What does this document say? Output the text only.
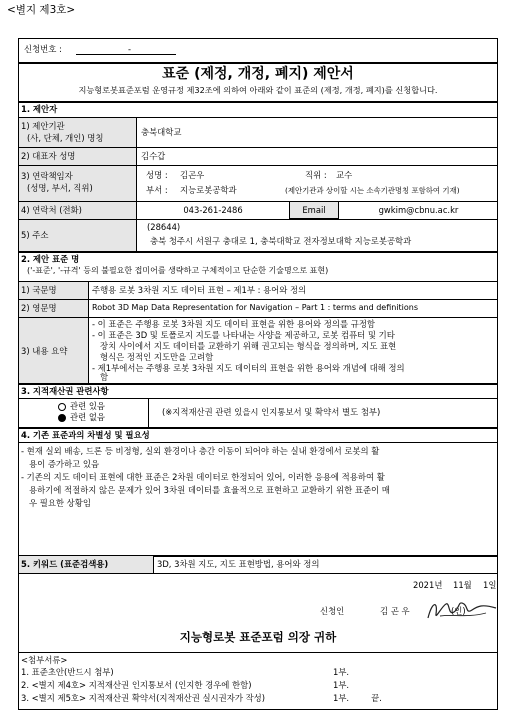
<별지 제3호>
신청번호 :	-
표준 (제정, 개정, 폐지) 제안서
지능형로봇표준포럼 운영규정 제32조에 의하여 아래와 같이 표준의 (제정, 개정, 폐지)를 신청합니다.
1. 제안자
1) 제안기관
(사, 단체, 개인) 명칭
충북대학교
2) 대표자 성명	김수갑
3) 연락책임자
(성명, 부서, 직위)
성명 : 김곤우	직위 : 교수
부서 : 지능로봇공학과	(제안기관과 상이할 시는 소속기관명칭 포함하여 기재)
4) 연락처 (전화)	043-261-2486	Email	gwkim@cbnu.ac.kr
5) 주소
(28644)
충북 청주시 서원구 충대로 1, 충북대학교 전자정보대학 지능로봇공학과
2. 제안 표준 명
('-표준', '-규격' 등의 불필요한 접미어를 생략하고 구체적이고 단순한 기술명으로 표현)
1) 국문명	주행용 로봇 3차원 지도 데이터 표현 – 제1부 : 용어와 정의
2) 영문명	Robot 3D Map Data Representation for Navigation – Part 1 : terms and definitions
3) 내용 요약
- 이 표준은 주행용 로봇 3차원 지도 데이터 표현을 위한 용어와 정의를 규정함
- 이 표준은 3D 및 토폴로지 지도를 나타내는 사양을 제공하고, 로봇 컴퓨터 및 기타
장치 사이에서 지도 데이터를 교환하기 위해 권고되는 형식을 정의하며, 지도 표현
형식은 정적인 지도만을 고려함
- 제1부에서는 주행용 로봇 3차원 지도 데이터의 표현을 위한 용어와 개념에 대해 정의
함
3. 지적재산권 관련사항
관련 있음
관련 없음	(※지적재산권 관련 있을시 인지통보서 및 확약서 별도 첨부)
4. 기존 표준과의 차별성 및 필요성
- 현재 실외 배송, 드론 등 비정형, 실외 환경이나 층간 이동이 되어야 하는 실내 환경에서 로봇의 활
용이 증가하고 있음
- 기존의 지도 데이터 표현에 대한 표준은 2차원 데이터로 한정되어 있어, 이러한 응용에 적용하여 활
용하기에 적절하지 않은 문제가 있어 3차원 데이터를 효율적으로 표현하고 교환하기 위한 표준이 매
우 필요한 상황임
5. 키워드 (표준검색용)	3D, 3차원 지도, 지도 표현방법, 용어와 정의
2021년 11월 1일
신청인	김 곤 우	(인)
지능형로봇 표준포럼 의장 귀하
<첨부서류>
1. 표준초안(반드시 첨부)	1부.
2. <별지 제4호> 지적재산권 인지통보서 (인지한 경우에 한함)	1부.
3. <별지 제5호> 지적재산권 확약서(지적재산권 실시권자가 작성)	1부.	끝.
